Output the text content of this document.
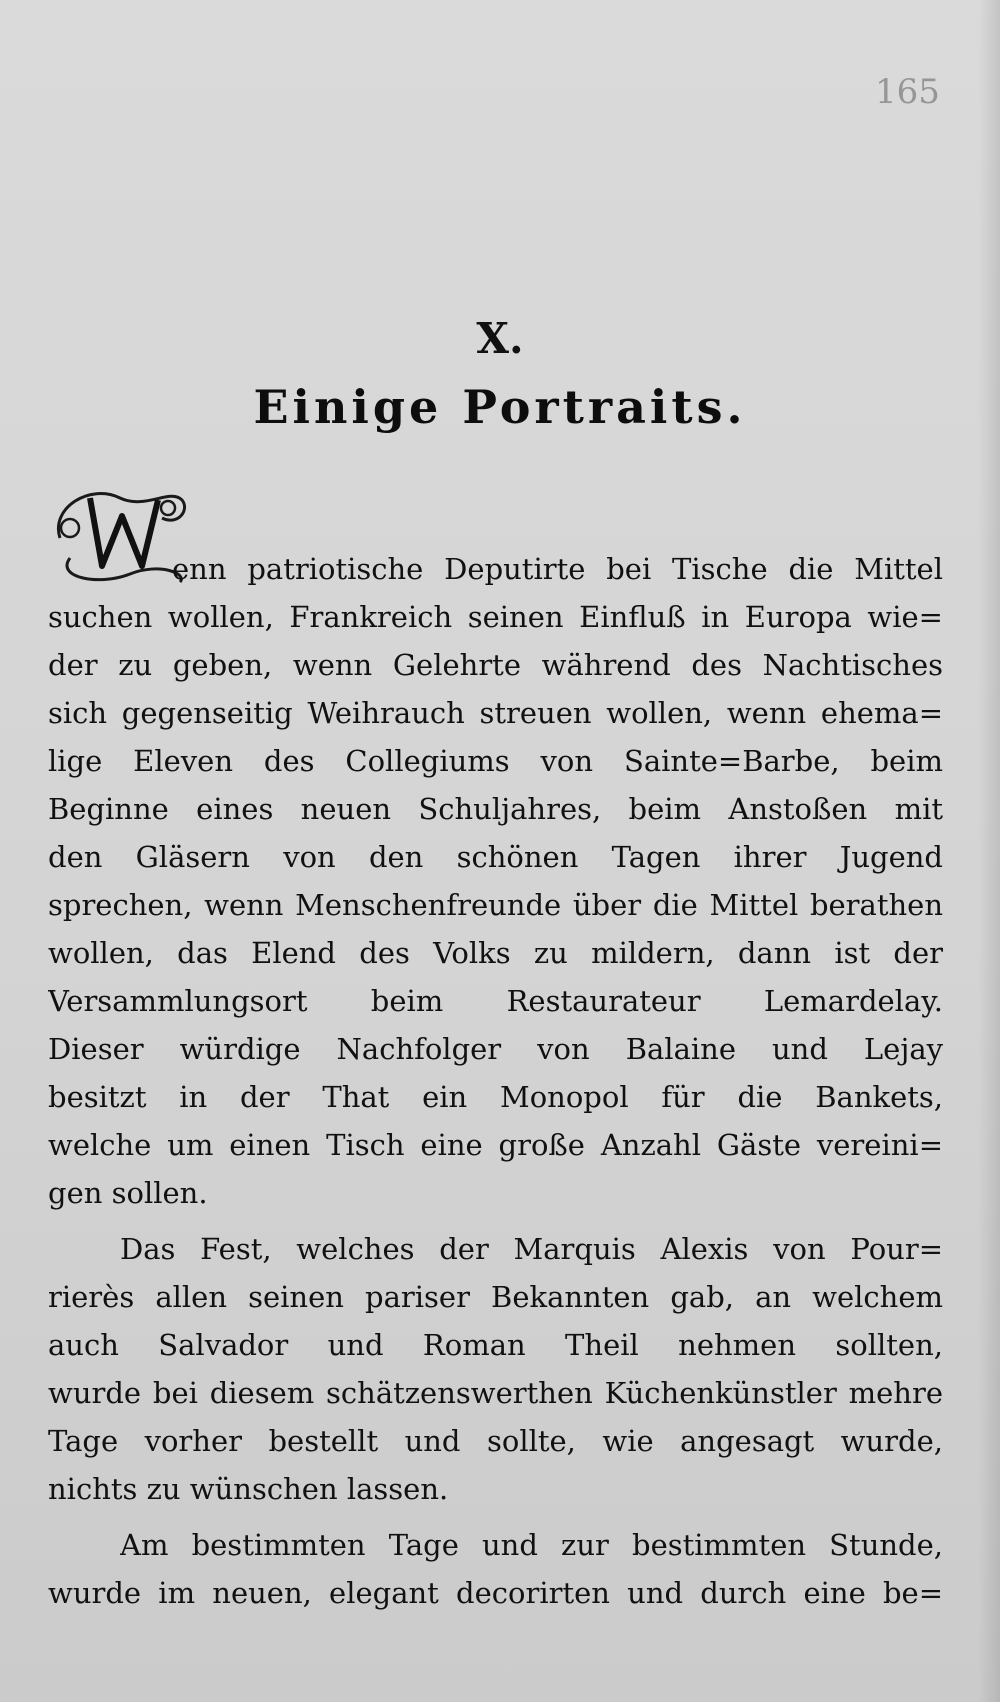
165
X.
Einige Portraits.
enn patriotische Deputirte bei Tische die Mittel
suchen wollen, Frankreich seinen Einfluß in Europa wie=
der zu geben, wenn Gelehrte während des Nachtisches
sich gegenseitig Weihrauch streuen wollen, wenn ehema=
lige Eleven des Collegiums von Sainte=Barbe, beim
Beginne eines neuen Schuljahres, beim Anstoßen mit
den Gläsern von den schönen Tagen ihrer Jugend
sprechen, wenn Menschenfreunde über die Mittel berathen
wollen, das Elend des Volks zu mildern, dann ist der
Versammlungsort beim Restaurateur Lemardelay.
Dieser würdige Nachfolger von Balaine und Lejay
besitzt in der That ein Monopol für die Bankets,
welche um einen Tisch eine große Anzahl Gäste vereini=
gen sollen.
Das Fest, welches der Marquis Alexis von Pour=
rierès allen seinen pariser Bekannten gab, an welchem
auch Salvador und Roman Theil nehmen sollten,
wurde bei diesem schätzenswerthen Küchenkünstler mehre
Tage vorher bestellt und sollte, wie angesagt wurde,
nichts zu wünschen lassen.
Am bestimmten Tage und zur bestimmten Stunde,
wurde im neuen, elegant decorirten und durch eine be=
